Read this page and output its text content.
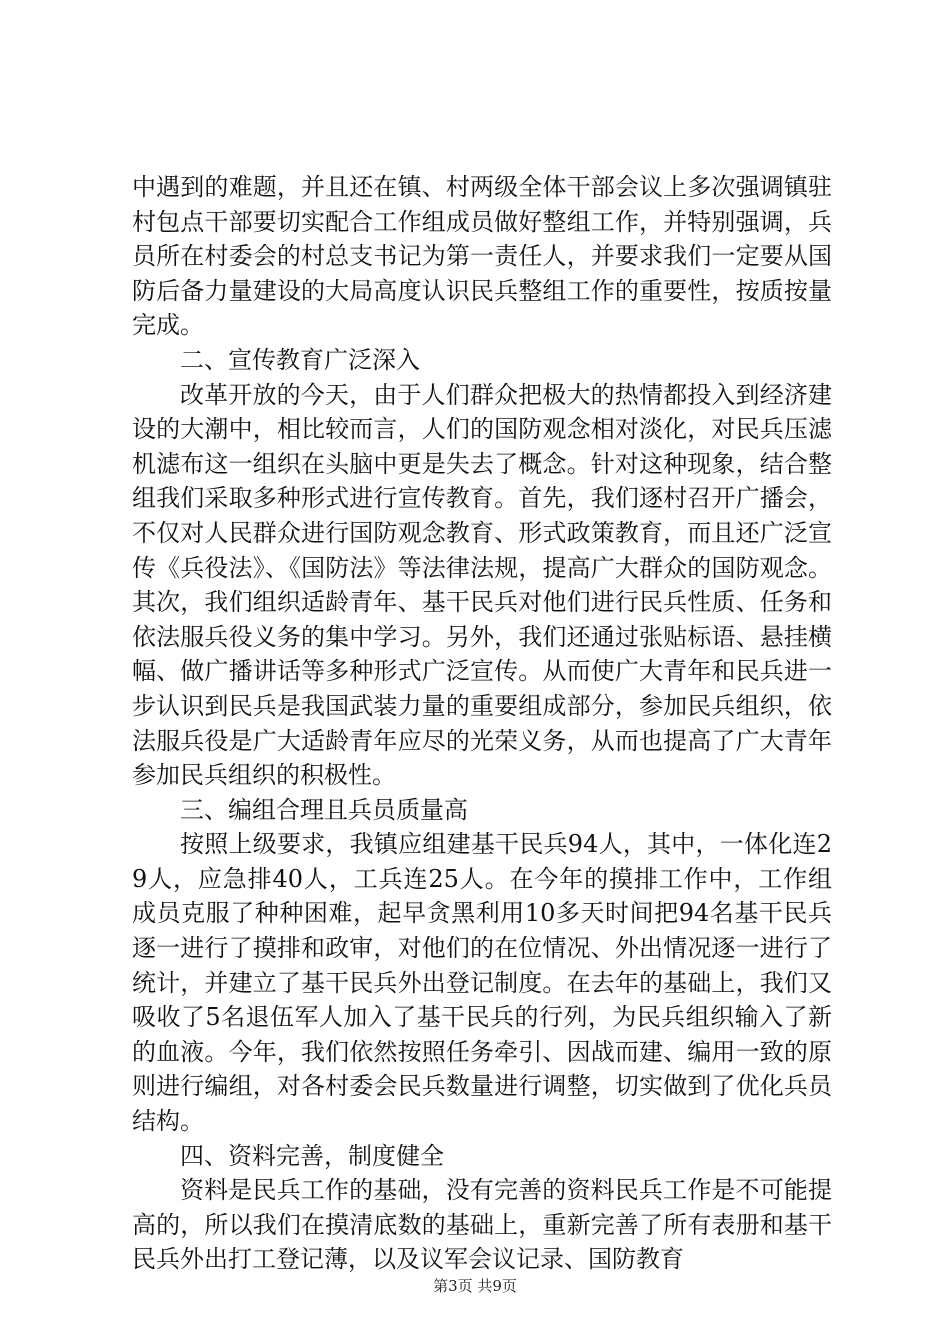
中遇到的难题，并且还在镇、村两级全体干部会议上多次强调镇驻村包点干部要切实配合工作组成员做好整组工作，并特别强调，兵员所在村委会的村总支书记为第一责任人，并要求我们一定要从国防后备力量建设的大局高度认识民兵整组工作的重要性，按质按量完成。

二、宣传教育广泛深入

改革开放的今天，由于人们群众把极大的热情都投入到经济建设的大潮中，相比较而言，人们的国防观念相对淡化，对民兵压滤机滤布这一组织在头脑中更是失去了概念。针对这种现象，结合整组我们采取多种形式进行宣传教育。首先，我们逐村召开广播会，不仅对人民群众进行国防观念教育、形式政策教育，而且还广泛宣传《兵役法》、《国防法》等法律法规，提高广大群众的国防观念。其次，我们组织适龄青年、基干民兵对他们进行民兵性质、任务和依法服兵役义务的集中学习。另外，我们还通过张贴标语、悬挂横幅、做广播讲话等多种形式广泛宣传。从而使广大青年和民兵进一步认识到民兵是我国武装力量的重要组成部分，参加民兵组织，依法服兵役是广大适龄青年应尽的光荣义务，从而也提高了广大青年参加民兵组织的积极性。

三、编组合理且兵员质量高

按照上级要求，我镇应组建基干民兵94人，其中，一体化连29人，应急排40人，工兵连25人。在今年的摸排工作中，工作组成员克服了种种困难，起早贪黑利用10多天时间把94名基干民兵逐一进行了摸排和政审，对他们的在位情况、外出情况逐一进行了统计，并建立了基干民兵外出登记制度。在去年的基础上，我们又吸收了5名退伍军人加入了基干民兵的行列，为民兵组织输入了新的血液。今年，我们依然按照任务牵引、因战而建、编用一致的原则进行编组，对各村委会民兵数量进行调整，切实做到了优化兵员结构。

四、资料完善，制度健全

资料是民兵工作的基础，没有完善的资料民兵工作是不可能提高的，所以我们在摸清底数的基础上，重新完善了所有表册和基干民兵外出打工登记薄，以及议军会议记录、国防教育

第3页 共9页
